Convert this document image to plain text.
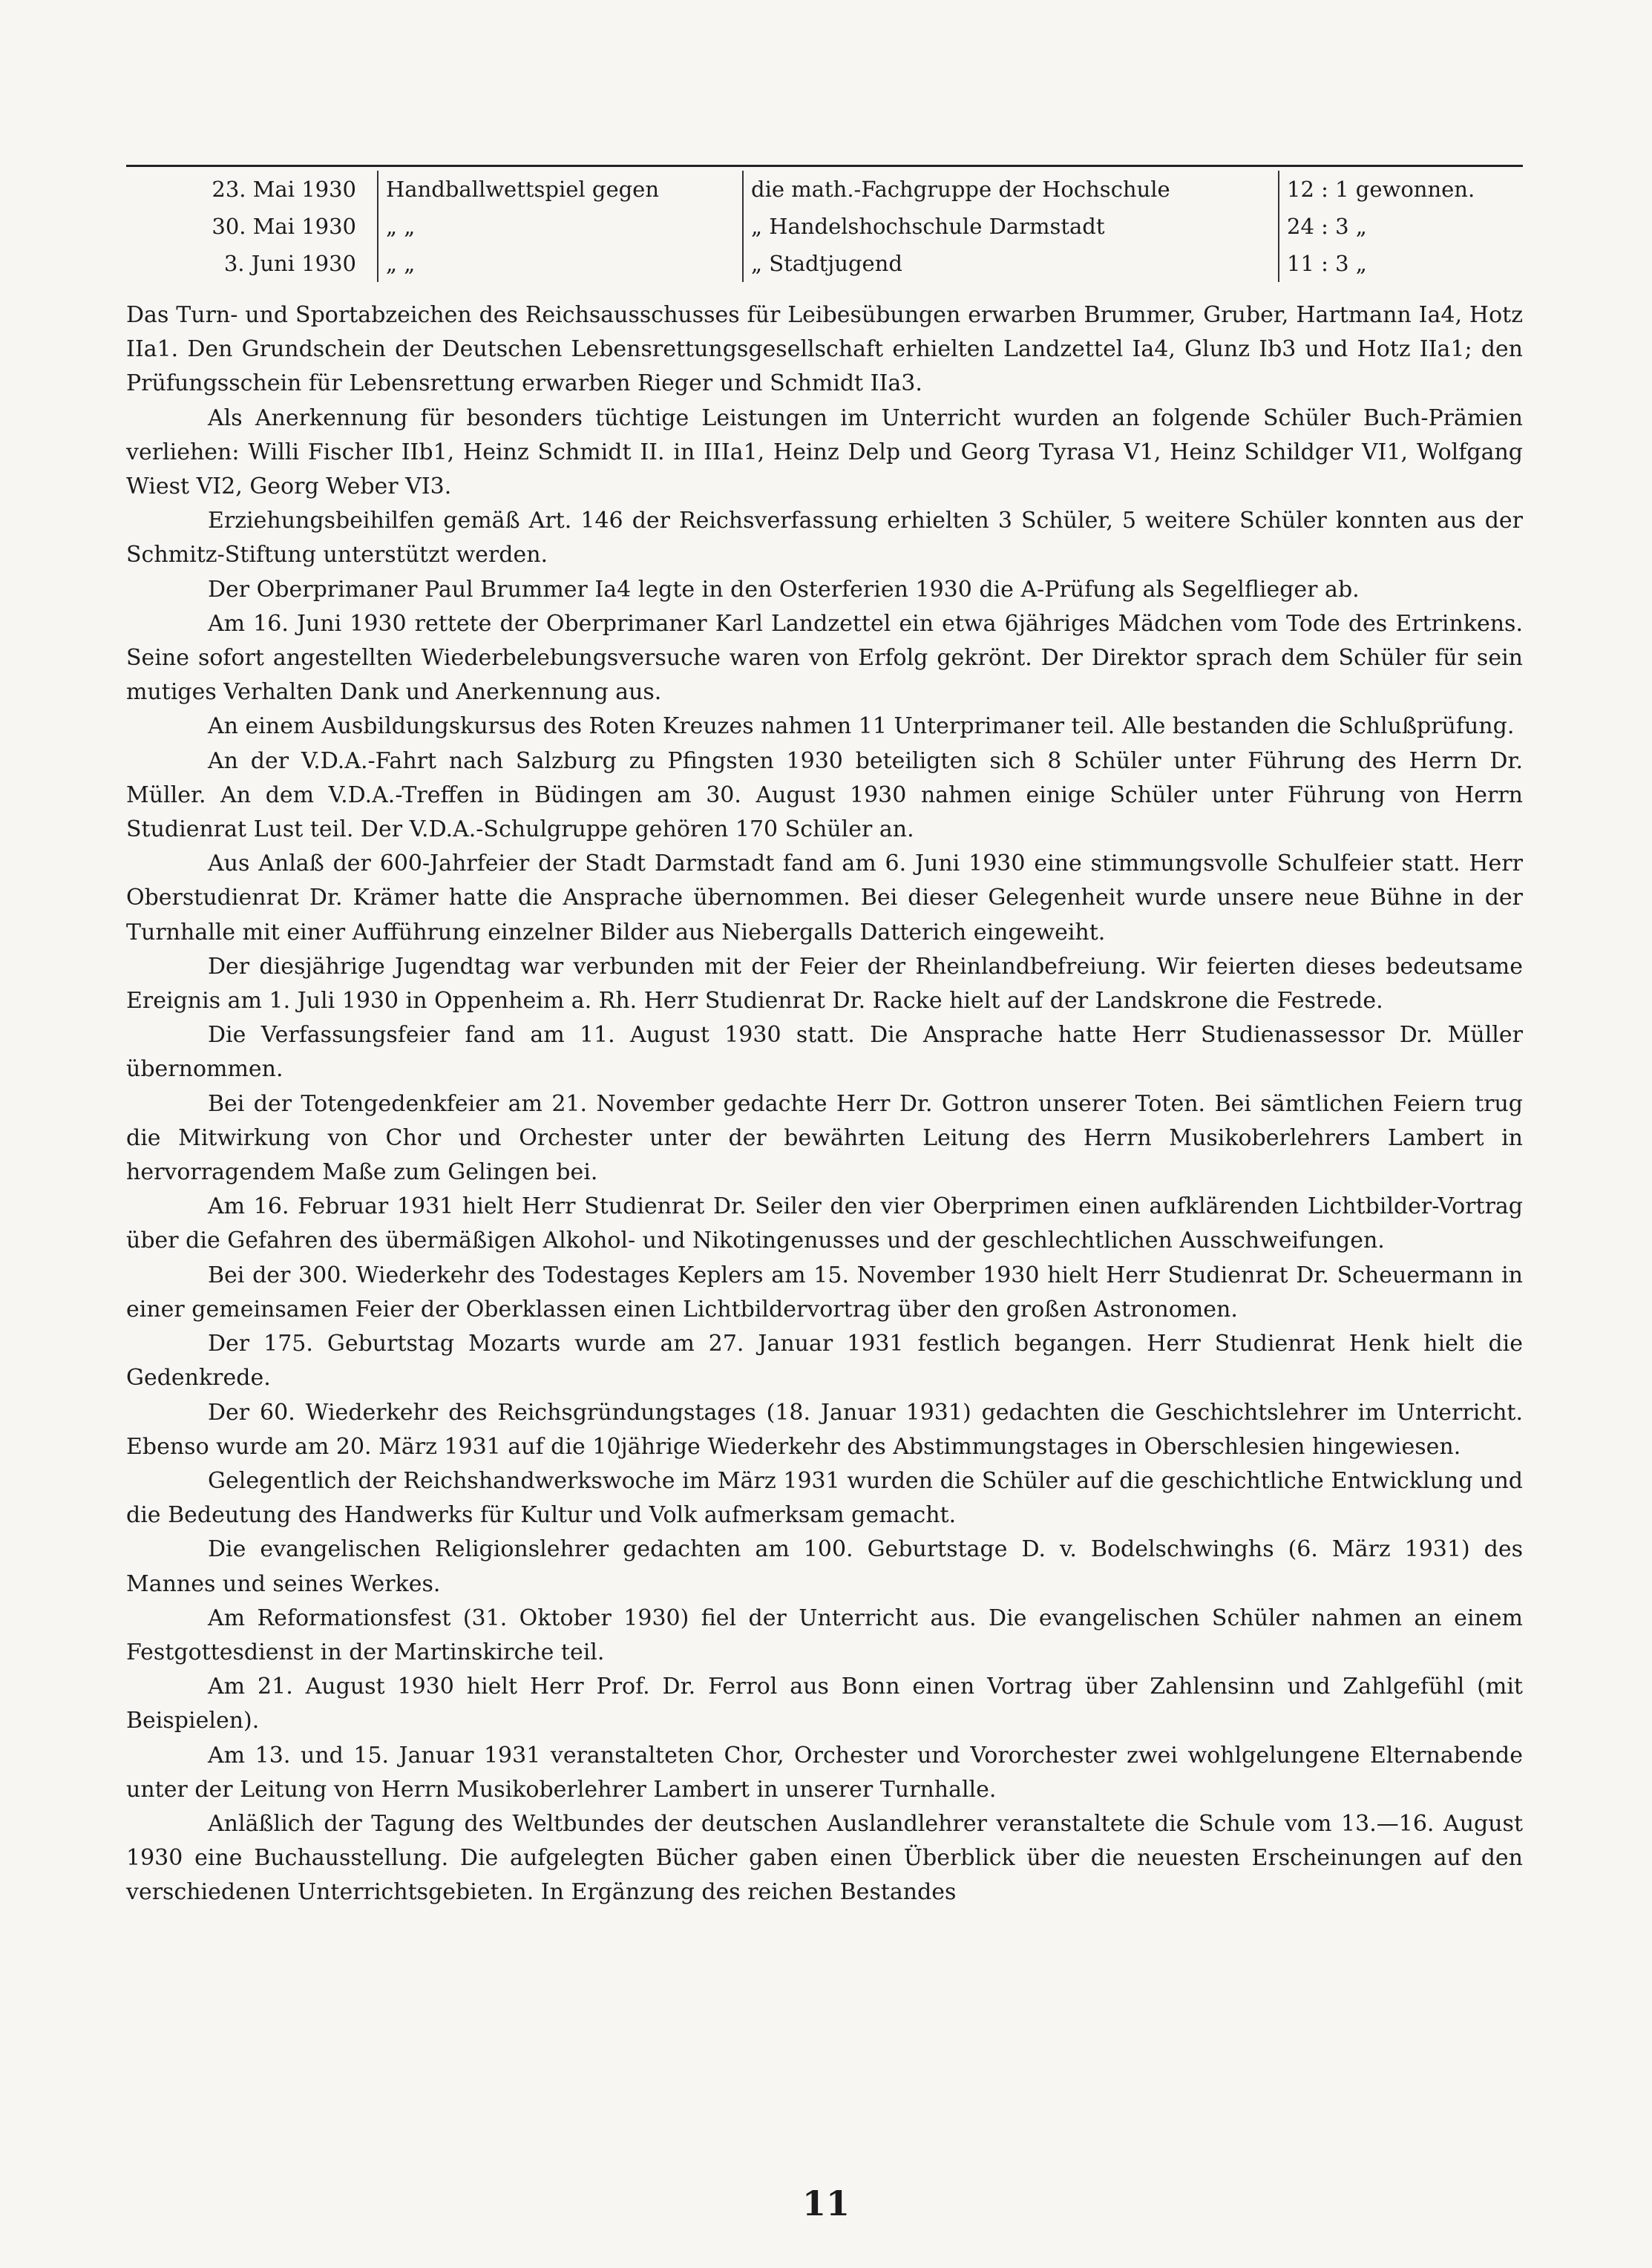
23. Mai 1930	Handballwettspiel gegen	die math.-Fachgruppe der Hochschule	12 : 1 gewonnen.
30. Mai 1930	„ „	„ Handelshochschule Darmstadt	24 : 3 „
3. Juni 1930	„ „	„ Stadtjugend	11 : 3 „

Das Turn- und Sportabzeichen des Reichsausschusses für Leibesübungen erwarben Brummer, Gruber, Hartmann Ia4, Hotz IIa1. Den Grundschein der Deutschen Lebensrettungsgesellschaft erhielten Landzettel Ia4, Glunz Ib3 und Hotz IIa1; den Prüfungsschein für Lebensrettung erwarben Rieger und Schmidt IIa3.

Als Anerkennung für besonders tüchtige Leistungen im Unterricht wurden an folgende Schüler Buch-Prämien verliehen: Willi Fischer IIb1, Heinz Schmidt II. in IIIa1, Heinz Delp und Georg Tyrasa V1, Heinz Schildger VI1, Wolfgang Wiest VI2, Georg Weber VI3.

Erziehungsbeihilfen gemäß Art. 146 der Reichsverfassung erhielten 3 Schüler, 5 weitere Schüler konnten aus der Schmitz-Stiftung unterstützt werden.

Der Oberprimaner Paul Brummer Ia4 legte in den Osterferien 1930 die A-Prüfung als Segelflieger ab.

Am 16. Juni 1930 rettete der Oberprimaner Karl Landzettel ein etwa 6jähriges Mädchen vom Tode des Ertrinkens. Seine sofort angestellten Wiederbelebungsversuche waren von Erfolg gekrönt. Der Direktor sprach dem Schüler für sein mutiges Verhalten Dank und Anerkennung aus.

An einem Ausbildungskursus des Roten Kreuzes nahmen 11 Unterprimaner teil. Alle bestanden die Schlußprüfung.

An der V.D.A.-Fahrt nach Salzburg zu Pfingsten 1930 beteiligten sich 8 Schüler unter Führung des Herrn Dr. Müller. An dem V.D.A.-Treffen in Büdingen am 30. August 1930 nahmen einige Schüler unter Führung von Herrn Studienrat Lust teil. Der V.D.A.-Schulgruppe gehören 170 Schüler an.

Aus Anlaß der 600-Jahrfeier der Stadt Darmstadt fand am 6. Juni 1930 eine stimmungsvolle Schulfeier statt. Herr Oberstudienrat Dr. Krämer hatte die Ansprache übernommen. Bei dieser Gelegenheit wurde unsere neue Bühne in der Turnhalle mit einer Aufführung einzelner Bilder aus Niebergalls Datterich eingeweiht.

Der diesjährige Jugendtag war verbunden mit der Feier der Rheinlandbefreiung. Wir feierten dieses bedeutsame Ereignis am 1. Juli 1930 in Oppenheim a. Rh. Herr Studienrat Dr. Racke hielt auf der Landskrone die Festrede.

Die Verfassungsfeier fand am 11. August 1930 statt. Die Ansprache hatte Herr Studienassessor Dr. Müller übernommen.

Bei der Totengedenkfeier am 21. November gedachte Herr Dr. Gottron unserer Toten. Bei sämtlichen Feiern trug die Mitwirkung von Chor und Orchester unter der bewährten Leitung des Herrn Musikoberlehrers Lambert in hervorragendem Maße zum Gelingen bei.

Am 16. Februar 1931 hielt Herr Studienrat Dr. Seiler den vier Oberprimen einen aufklärenden Lichtbilder-Vortrag über die Gefahren des übermäßigen Alkohol- und Nikotingenusses und der geschlechtlichen Ausschweifungen.

Bei der 300. Wiederkehr des Todestages Keplers am 15. November 1930 hielt Herr Studienrat Dr. Scheuermann in einer gemeinsamen Feier der Oberklassen einen Lichtbildervortrag über den großen Astronomen.

Der 175. Geburtstag Mozarts wurde am 27. Januar 1931 festlich begangen. Herr Studienrat Henk hielt die Gedenkrede.

Der 60. Wiederkehr des Reichsgründungstages (18. Januar 1931) gedachten die Geschichtslehrer im Unterricht. Ebenso wurde am 20. März 1931 auf die 10jährige Wiederkehr des Abstimmungstages in Oberschlesien hingewiesen.

Gelegentlich der Reichshandwerkswoche im März 1931 wurden die Schüler auf die geschichtliche Entwicklung und die Bedeutung des Handwerks für Kultur und Volk aufmerksam gemacht.

Die evangelischen Religionslehrer gedachten am 100. Geburtstage D. v. Bodelschwinghs (6. März 1931) des Mannes und seines Werkes.

Am Reformationsfest (31. Oktober 1930) fiel der Unterricht aus. Die evangelischen Schüler nahmen an einem Festgottesdienst in der Martinskirche teil.

Am 21. August 1930 hielt Herr Prof. Dr. Ferrol aus Bonn einen Vortrag über Zahlensinn und Zahlgefühl (mit Beispielen).

Am 13. und 15. Januar 1931 veranstalteten Chor, Orchester und Vororchester zwei wohlgelungene Elternabende unter der Leitung von Herrn Musikoberlehrer Lambert in unserer Turnhalle.

Anläßlich der Tagung des Weltbundes der deutschen Auslandlehrer veranstaltete die Schule vom 13.—16. August 1930 eine Buchausstellung. Die aufgelegten Bücher gaben einen Überblick über die neuesten Erscheinungen auf den verschiedenen Unterrichtsgebieten. In Ergänzung des reichen Bestandes

11
